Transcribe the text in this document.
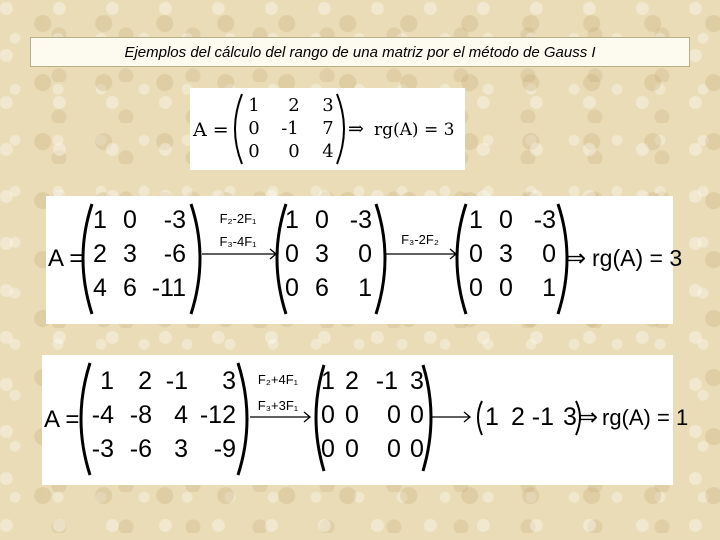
Ejemplos del cálculo del rango de una matriz por el método de Gauss I
A =
1 2 3
0 -1 7
0 0 4
⇒ rg(A) = 3
A =
1 0 -3
2 3 -6
4 6 -11
F₂-2F₁
F₃-4F₁
1 0 -3
0 3 0
0 6 1
F₃-2F₂
1 0 -3
0 3 0
0 0 1
⇒ rg(A) = 3
A =
1 2 -1 3
-4 -8 4 -12
-3 -6 3 -9
F₂+4F₁
F₃+3F₁
1 2 -1 3
0 0 0 0
0 0 0 0
1 2 -1 3 ⇒ rg(A) = 1
